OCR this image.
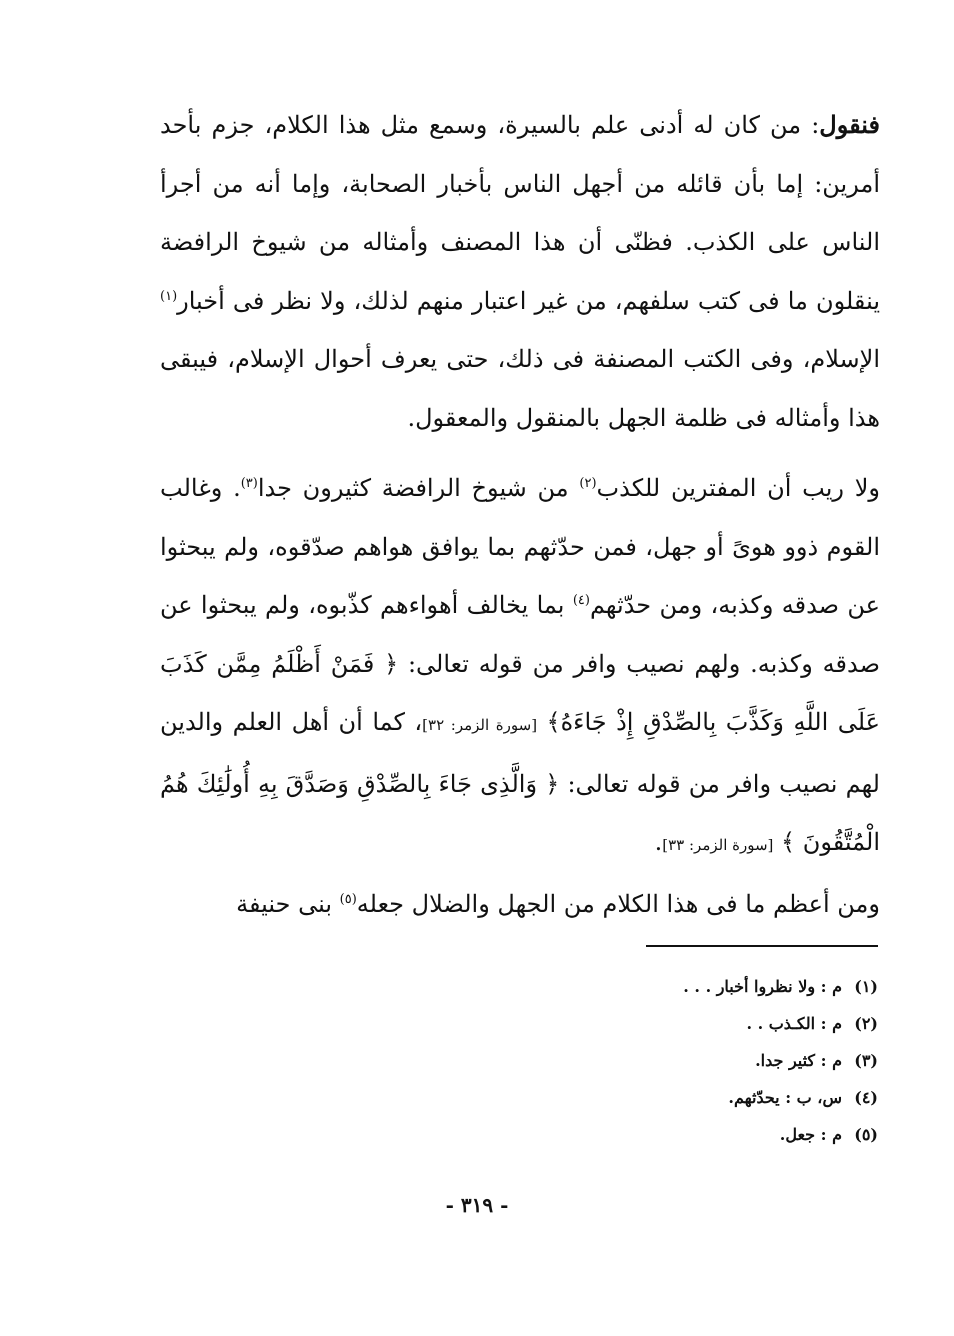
فنقول: من كان له أدنى علم بالسيرة، وسمع مثل هذا الكلام، جزم بأحد أمرين: إما بأن قائله من أجهل الناس بأخبار الصحابة، وإما أنه من أجرأ الناس على الكذب. فظنّى أن هذا المصنف وأمثاله من شيوخ الرافضة ينقلون ما فى كتب سلفهم، من غير اعتبار منهم لذلك، ولا نظر فى أخبار$^{(١)}$ الإسلام، وفى الكتب المصنفة فى ذلك، حتى يعرف أحوال الإسلام، فيبقى هذا وأمثاله فى ظلمة الجهل بالمنقول والمعقول.

ولا ريب أن المفترين للكذب$^{(٢)}$ من شيوخ الرافضة كثيرون جدا$^{(٣)}$. وغالب القوم ذوو هوىً أو جهل، فمن حدّثهم بما يوافق هواهم صدّقوه، ولم يبحثوا عن صدقه وكذبه، ومن حدّثهم$^{(٤)}$ بما يخالف أهواءهم كذّبوه، ولم يبحثوا عن صدقه وكذبه. ولهم نصيب وافر من قوله تعالى: ﴿ فَمَنْ أَظْلَمُ مِمَّن كَذَبَ عَلَى اللَّهِ وَكَذَّبَ بِالصِّدْقِ إِذْ جَاءَهُ﴾ [سورة الزمر: ٣٢]، كما أن أهل العلم والدين لهم نصيب وافر من قوله تعالى: ﴿ وَالَّذِى جَاءَ بِالصِّدْقِ وَصَدَّقَ بِهِ أُولَٰئِكَ هُمُ الْمُتَّقُونَ ﴾ [سورة الزمر: ٣٣].

ومن أعظم ما فى هذا الكلام من الجهل والضلال جعله$^{(٥)}$ بنى حنيفة

(١)م : ولا نظروا أخبار . . .
(٢)م : الكـذب . .
(٣)م : كثير جدا.
(٤)س، ب : يحدّثهم.
(٥)م : جعل.
- ٣١٩ -
